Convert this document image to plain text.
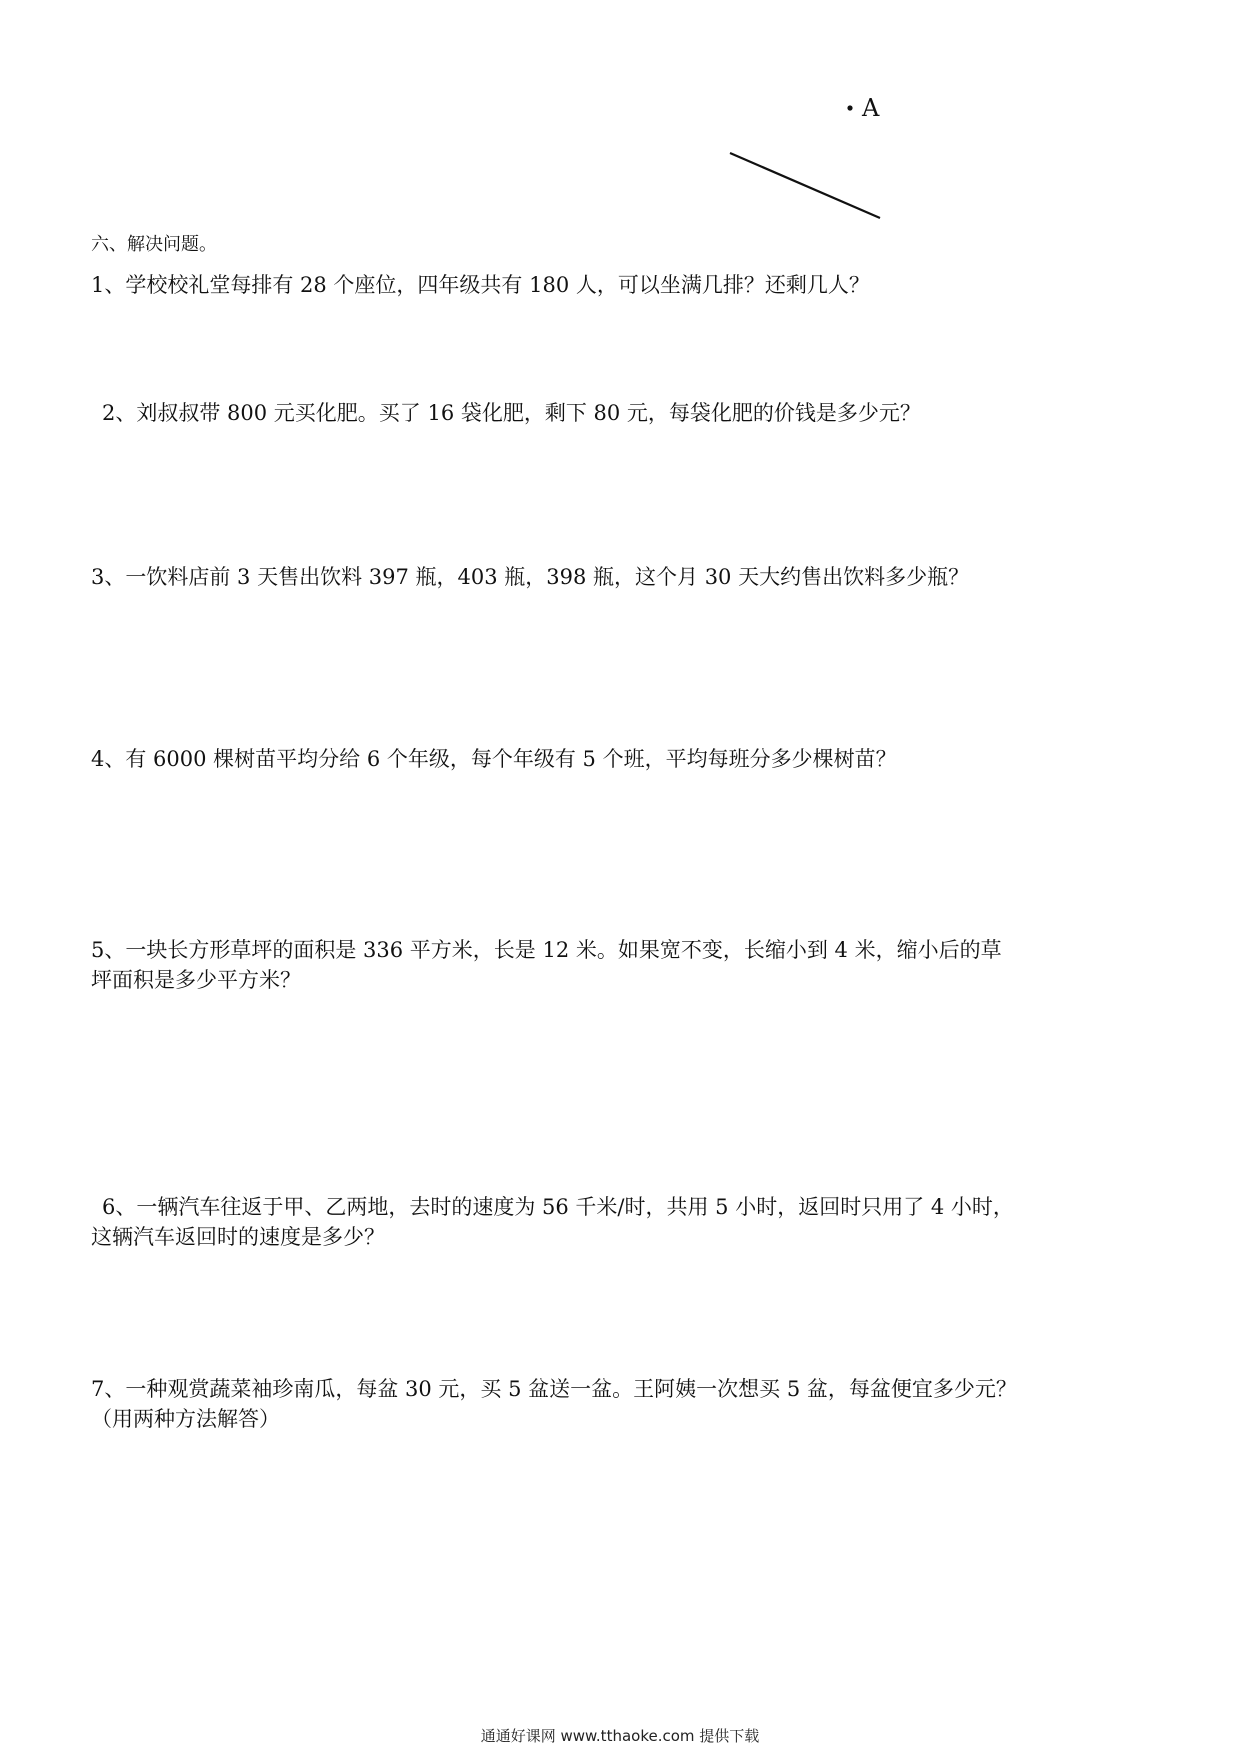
A
六、解决问题。
1、学校校礼堂每排有 28 个座位，四年级共有 180 人，可以坐满几排？还剩几人？
2、刘叔叔带 800 元买化肥。买了 16 袋化肥，剩下 80 元，每袋化肥的价钱是多少元？
3、一饮料店前 3 天售出饮料 397 瓶，403 瓶，398 瓶，这个月 30 天大约售出饮料多少瓶？
4、有 6000 棵树苗平均分给 6 个年级，每个年级有 5 个班，平均每班分多少棵树苗？
5、一块长方形草坪的面积是 336 平方米，长是 12 米。如果宽不变，长缩小到 4 米，缩小后的草
坪面积是多少平方米？
6、一辆汽车往返于甲、乙两地，去时的速度为 56 千米/时，共用 5 小时，返回时只用了 4 小时，
这辆汽车返回时的速度是多少？
7、一种观赏蔬菜袖珍南瓜，每盆 30 元，买 5 盆送一盆。王阿姨一次想买 5 盆，每盆便宜多少元？
（用两种方法解答）
通通好课网 www.tthaoke.com 提供下载
